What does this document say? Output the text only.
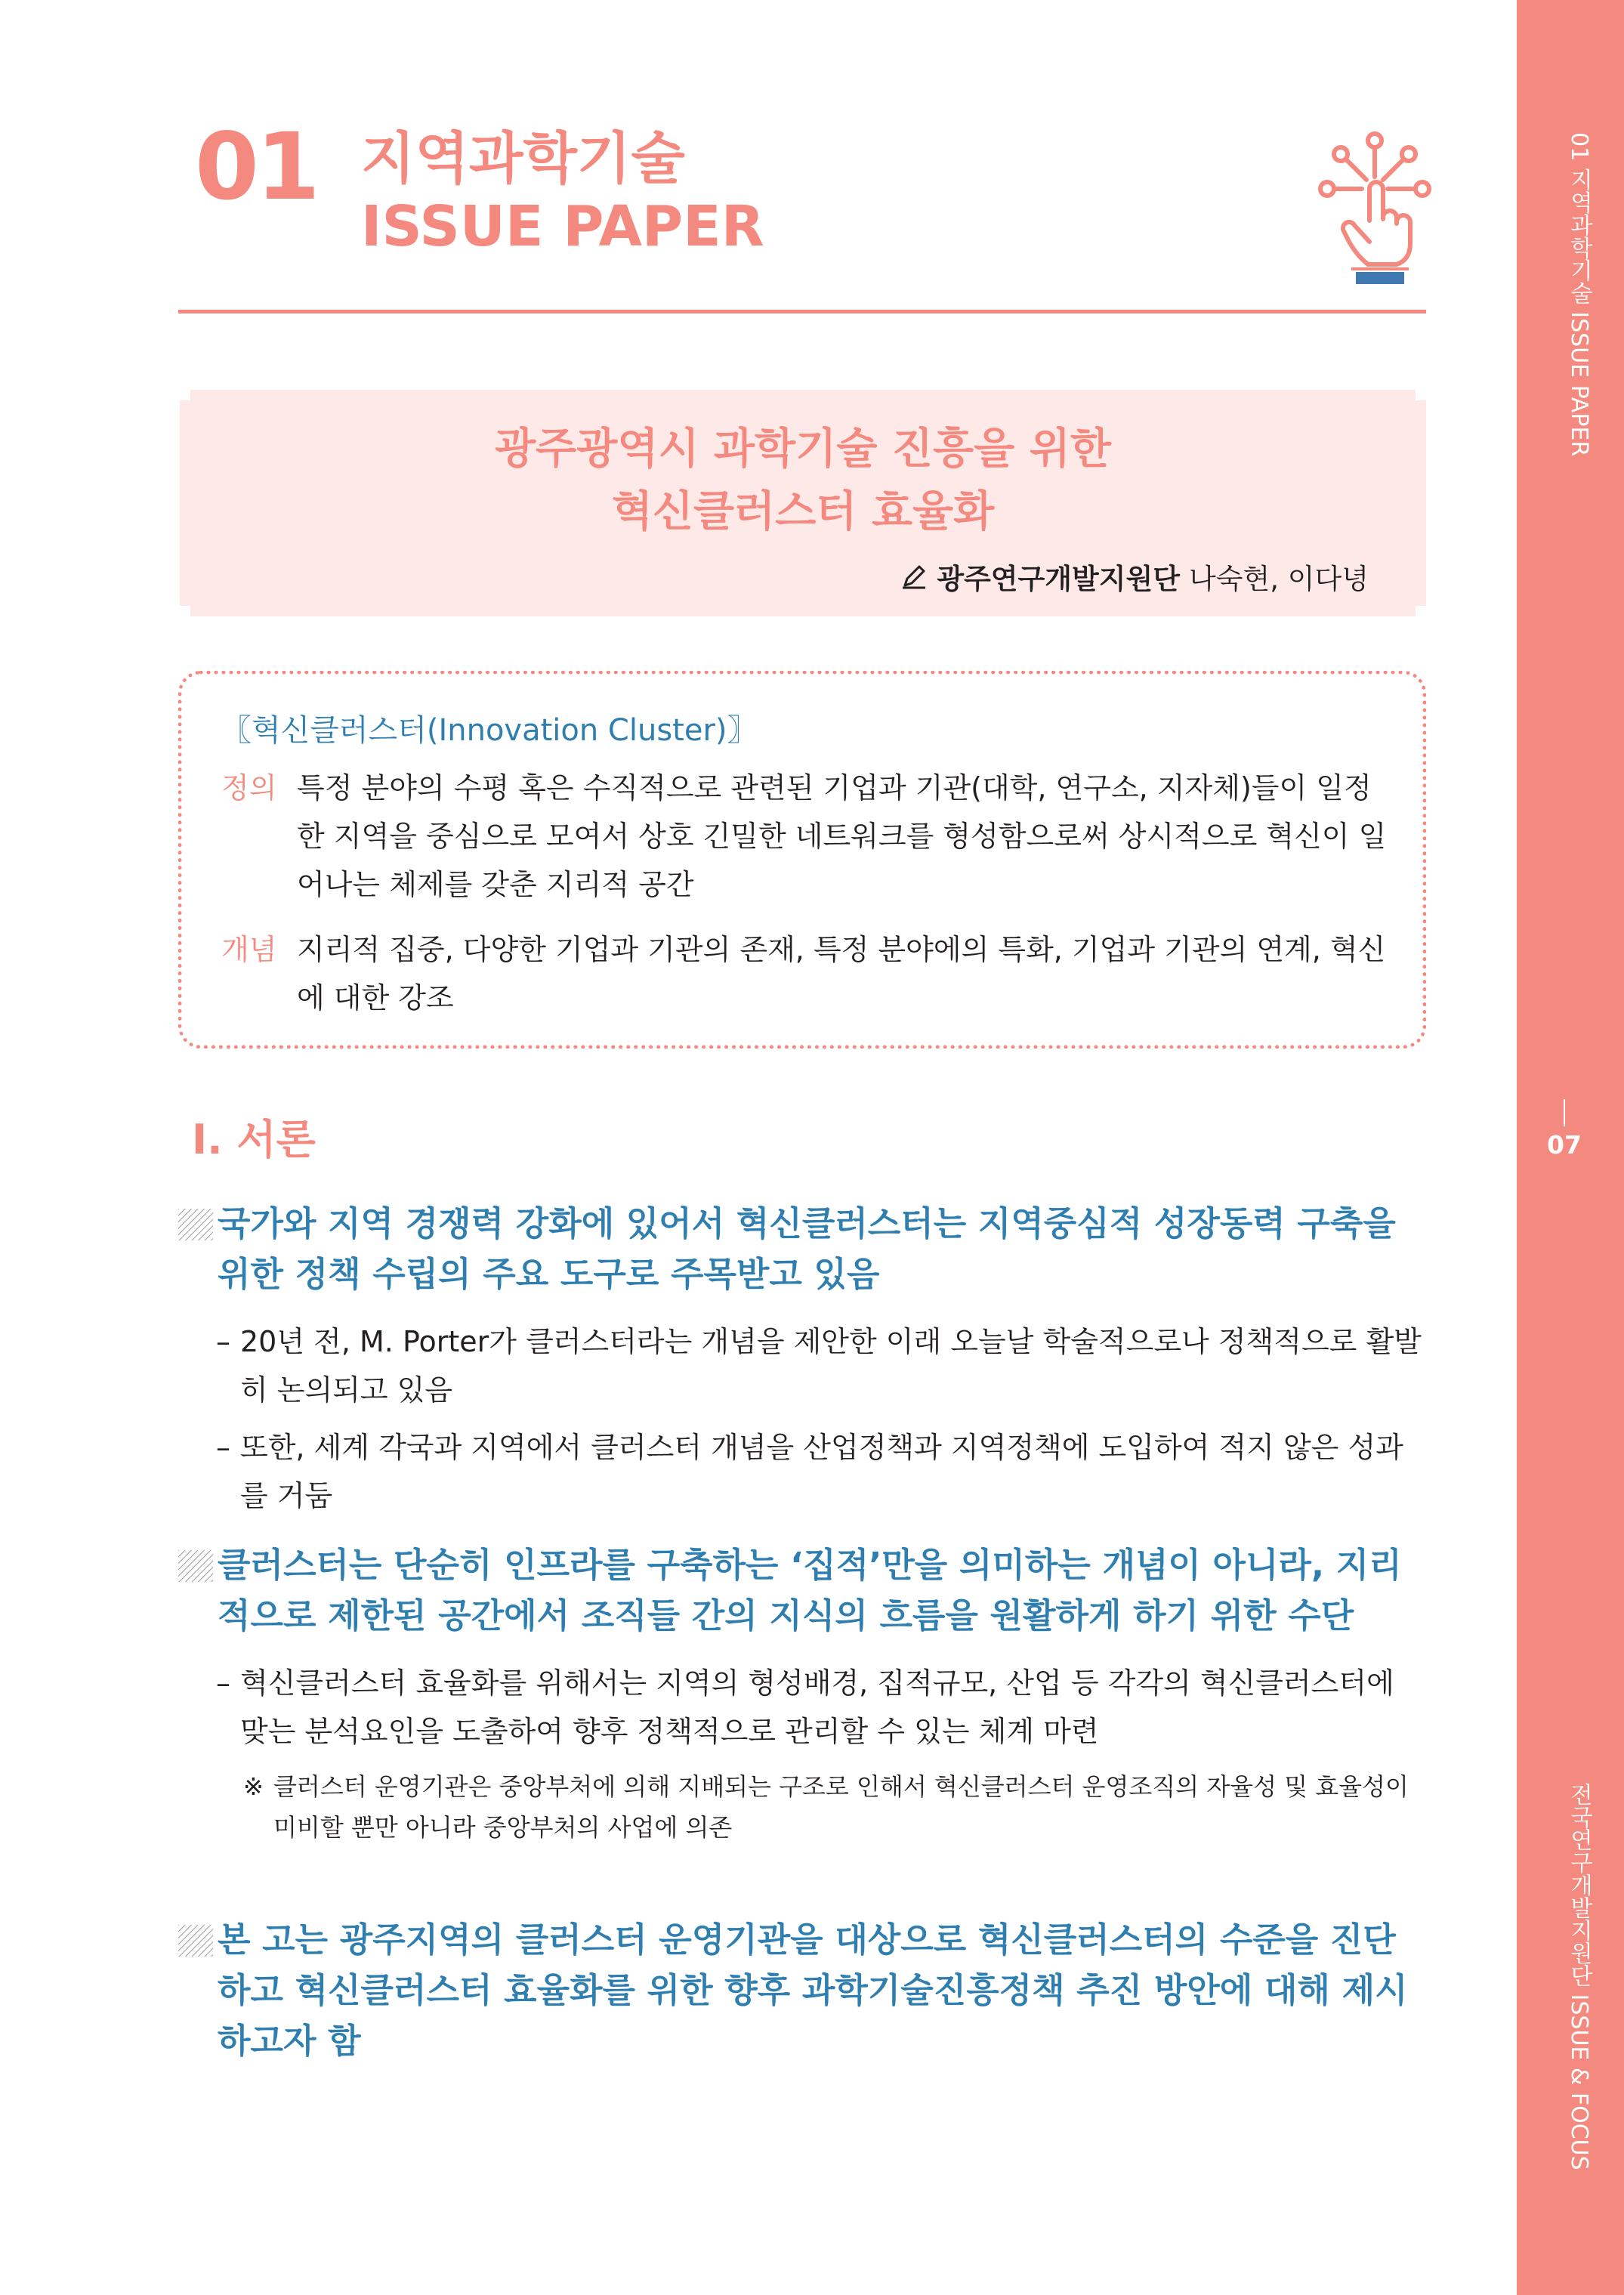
01 지역과학기술 ISSUE PAPER
07
전국연구개발지원단 ISSUE & FOCUS
01 지역과학기술
ISSUE PAPER
광주광역시 과학기술 진흥을 위한
혁신클러스터 효율화
광주연구개발지원단 나숙현, 이다녕
〖혁신클러스터(Innovation Cluster)〗
정의 특정 분야의 수평 혹은 수직적으로 관련된 기업과 기관(대학, 연구소, 지자체)들이 일정한 지역을 중심으로 모여서 상호 긴밀한 네트워크를 형성함으로써 상시적으로 혁신이 일어나는 체제를 갖춘 지리적 공간
개념 지리적 집중, 다양한 기업과 기관의 존재, 특정 분야에의 특화, 기업과 기관의 연계, 혁신에 대한 강조
Ⅰ. 서론
국가와 지역 경쟁력 강화에 있어서 혁신클러스터는 지역중심적 성장동력 구축을 위한 정책 수립의 주요 도구로 주목받고 있음
– 20년 전, M. Porter가 클러스터라는 개념을 제안한 이래 오늘날 학술적으로나 정책적으로 활발히 논의되고 있음
– 또한, 세계 각국과 지역에서 클러스터 개념을 산업정책과 지역정책에 도입하여 적지 않은 성과를 거둠
클러스터는 단순히 인프라를 구축하는 ‘집적’만을 의미하는 개념이 아니라, 지리적으로 제한된 공간에서 조직들 간의 지식의 흐름을 원활하게 하기 위한 수단
– 혁신클러스터 효율화를 위해서는 지역의 형성배경, 집적규모, 산업 등 각각의 혁신클러스터에 맞는 분석요인을 도출하여 향후 정책적으로 관리할 수 있는 체계 마련
※ 클러스터 운영기관은 중앙부처에 의해 지배되는 구조로 인해서 혁신클러스터 운영조직의 자율성 및 효율성이 미비할 뿐만 아니라 중앙부처의 사업에 의존
본 고는 광주지역의 클러스터 운영기관을 대상으로 혁신클러스터의 수준을 진단하고 혁신클러스터 효율화를 위한 향후 과학기술진흥정책 추진 방안에 대해 제시하고자 함
